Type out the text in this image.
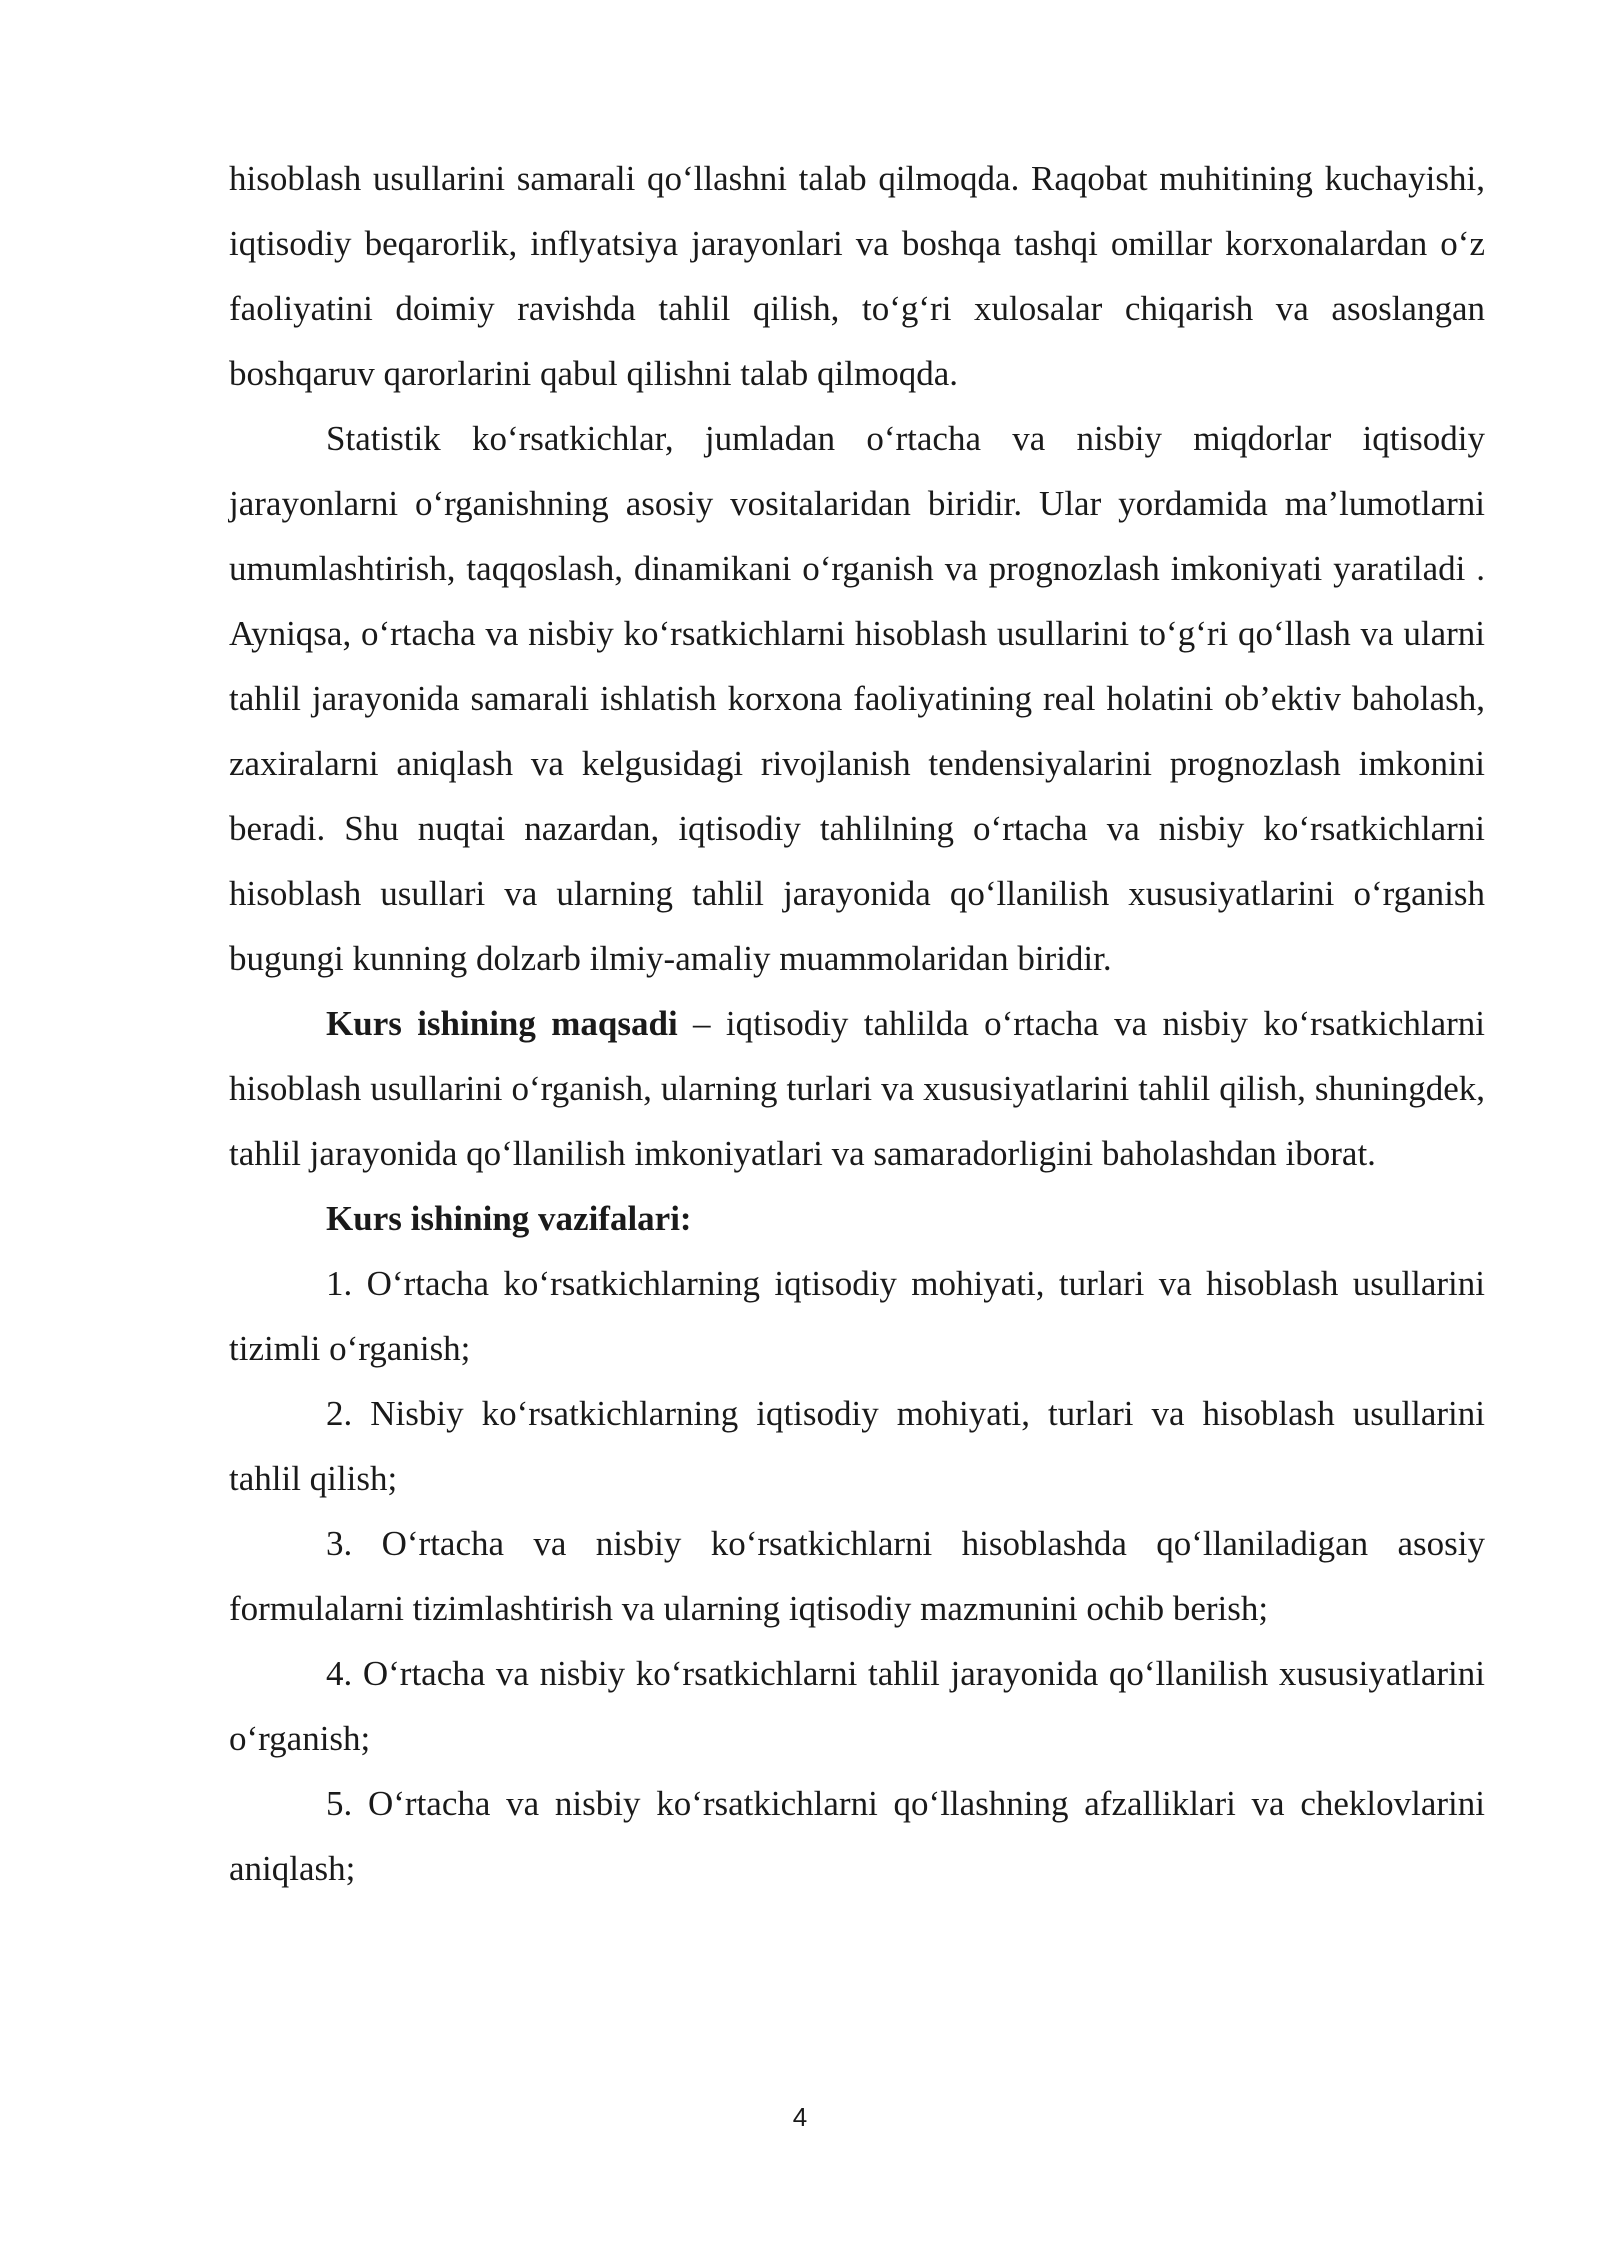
hisoblash usullarini samarali qo‘llashni talab qilmoqda. Raqobat muhitining kuchayishi, iqtisodiy beqarorlik, inflyatsiya jarayonlari va boshqa tashqi omillar korxonalardan o‘z faoliyatini doimiy ravishda tahlil qilish, to‘g‘ri xulosalar chiqarish va asoslangan boshqaruv qarorlarini qabul qilishni talab qilmoqda.

Statistik ko‘rsatkichlar, jumladan o‘rtacha va nisbiy miqdorlar iqtisodiy jarayonlarni o‘rganishning asosiy vositalaridan biridir. Ular yordamida ma’lumotlarni umumlashtirish, taqqoslash, dinamikani o‘rganish va prognozlash imkoniyati yaratiladi . Ayniqsa, o‘rtacha va nisbiy ko‘rsatkichlarni hisoblash usullarini to‘g‘ri qo‘llash va ularni tahlil jarayonida samarali ishlatish korxona faoliyatining real holatini ob’ektiv baholash, zaxiralarni aniqlash va kelgusidagi rivojlanish tendensiyalarini prognozlash imkonini beradi. Shu nuqtai nazardan, iqtisodiy tahlilning o‘rtacha va nisbiy ko‘rsatkichlarni hisoblash usullari va ularning tahlil jarayonida qo‘llanilish xususiyatlarini o‘rganish bugungi kunning dolzarb ilmiy-amaliy muammolaridan biridir.

Kurs ishining maqsadi – iqtisodiy tahlilda o‘rtacha va nisbiy ko‘rsatkichlarni hisoblash usullarini o‘rganish, ularning turlari va xususiyatlarini tahlil qilish, shuningdek, tahlil jarayonida qo‘llanilish imkoniyatlari va samaradorligini baholashdan iborat.

Kurs ishining vazifalari:

1. O‘rtacha ko‘rsatkichlarning iqtisodiy mohiyati, turlari va hisoblash usullarini tizimli o‘rganish;

2. Nisbiy ko‘rsatkichlarning iqtisodiy mohiyati, turlari va hisoblash usullarini tahlil qilish;

3. O‘rtacha va nisbiy ko‘rsatkichlarni hisoblashda qo‘llaniladigan asosiy formulalarni tizimlashtirish va ularning iqtisodiy mazmunini ochib berish;

4. O‘rtacha va nisbiy ko‘rsatkichlarni tahlil jarayonida qo‘llanilish xususiyatlarini o‘rganish;

5. O‘rtacha va nisbiy ko‘rsatkichlarni qo‘llashning afzalliklari va cheklovlarini aniqlash;

4
